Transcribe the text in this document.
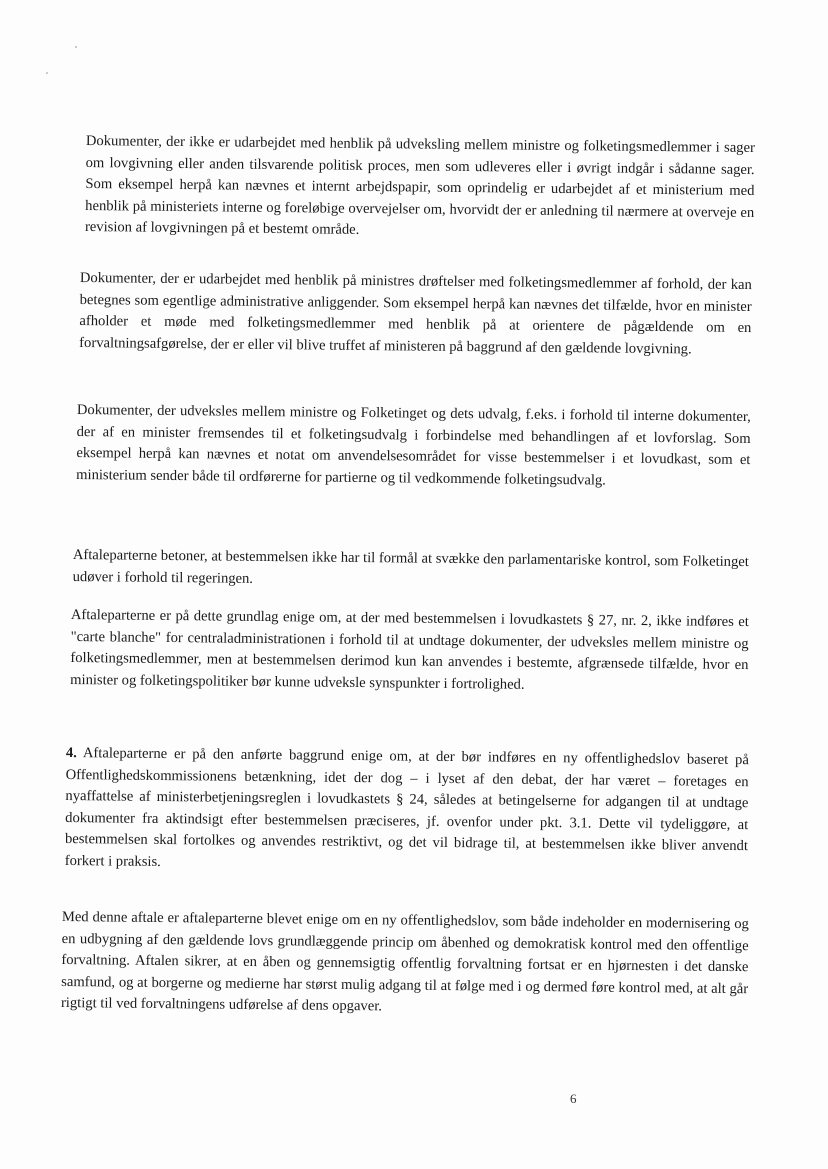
Dokumenter, der ikke er udarbejdet med henblik på udveksling mellem ministre og folketingsmedlemmer i sager om lovgivning eller anden tilsvarende politisk proces, men som udleveres eller i øvrigt indgår i sådanne sager. Som eksempel herpå kan nævnes et internt arbejdspapir, som oprindelig er udarbejdet af et ministerium med henblik på ministeriets interne og foreløbige overvejelser om, hvorvidt der er anledning til nærmere at overveje en revision af lovgivningen på et bestemt område.

Dokumenter, der er udarbejdet med henblik på ministres drøftelser med folketingsmedlemmer af forhold, der kan betegnes som egentlige administrative anliggender. Som eksempel herpå kan nævnes det tilfælde, hvor en minister afholder et møde med folketingsmedlemmer med henblik på at orientere de pågældende om en forvaltningsafgørelse, der er eller vil blive truffet af ministeren på baggrund af den gældende lovgivning.

Dokumenter, der udveksles mellem ministre og Folketinget og dets udvalg, f.eks. i forhold til interne dokumenter, der af en minister fremsendes til et folketingsudvalg i forbindelse med behandlingen af et lovforslag. Som eksempel herpå kan nævnes et notat om anvendelsesområdet for visse bestemmelser i et lovudkast, som et ministerium sender både til ordførerne for partierne og til vedkommende folketingsudvalg.

Aftaleparterne betoner, at bestemmelsen ikke har til formål at svække den parlamentariske kontrol, som Folketinget udøver i forhold til regeringen.

Aftaleparterne er på dette grundlag enige om, at der med bestemmelsen i lovudkastets § 27, nr. 2, ikke indføres et "carte blanche" for centraladministrationen i forhold til at undtage dokumenter, der udveksles mellem ministre og folketingsmedlemmer, men at bestemmelsen derimod kun kan anvendes i bestemte, afgrænsede tilfælde, hvor en minister og folketingspolitiker bør kunne udveksle synspunkter i fortrolighed.

4. Aftaleparterne er på den anførte baggrund enige om, at der bør indføres en ny offentlighedslov baseret på Offentlighedskommissionens betænkning, idet der dog – i lyset af den debat, der har været – foretages en nyaffattelse af ministerbetjeningsreglen i lovudkastets § 24, således at betingelserne for adgangen til at undtage dokumenter fra aktindsigt efter bestemmelsen præciseres, jf. ovenfor under pkt. 3.1. Dette vil tydeliggøre, at bestemmelsen skal fortolkes og anvendes restriktivt, og det vil bidrage til, at bestemmelsen ikke bliver anvendt forkert i praksis.

Med denne aftale er aftaleparterne blevet enige om en ny offentlighedslov, som både indeholder en modernisering og en udbygning af den gældende lovs grundlæggende princip om åbenhed og demokratisk kontrol med den offentlige forvaltning. Aftalen sikrer, at en åben og gennemsigtig offentlig forvaltning fortsat er en hjørnesten i det danske samfund, og at borgerne og medierne har størst mulig adgang til at følge med i og dermed føre kontrol med, at alt går rigtigt til ved forvaltningens udførelse af dens opgaver.

6
